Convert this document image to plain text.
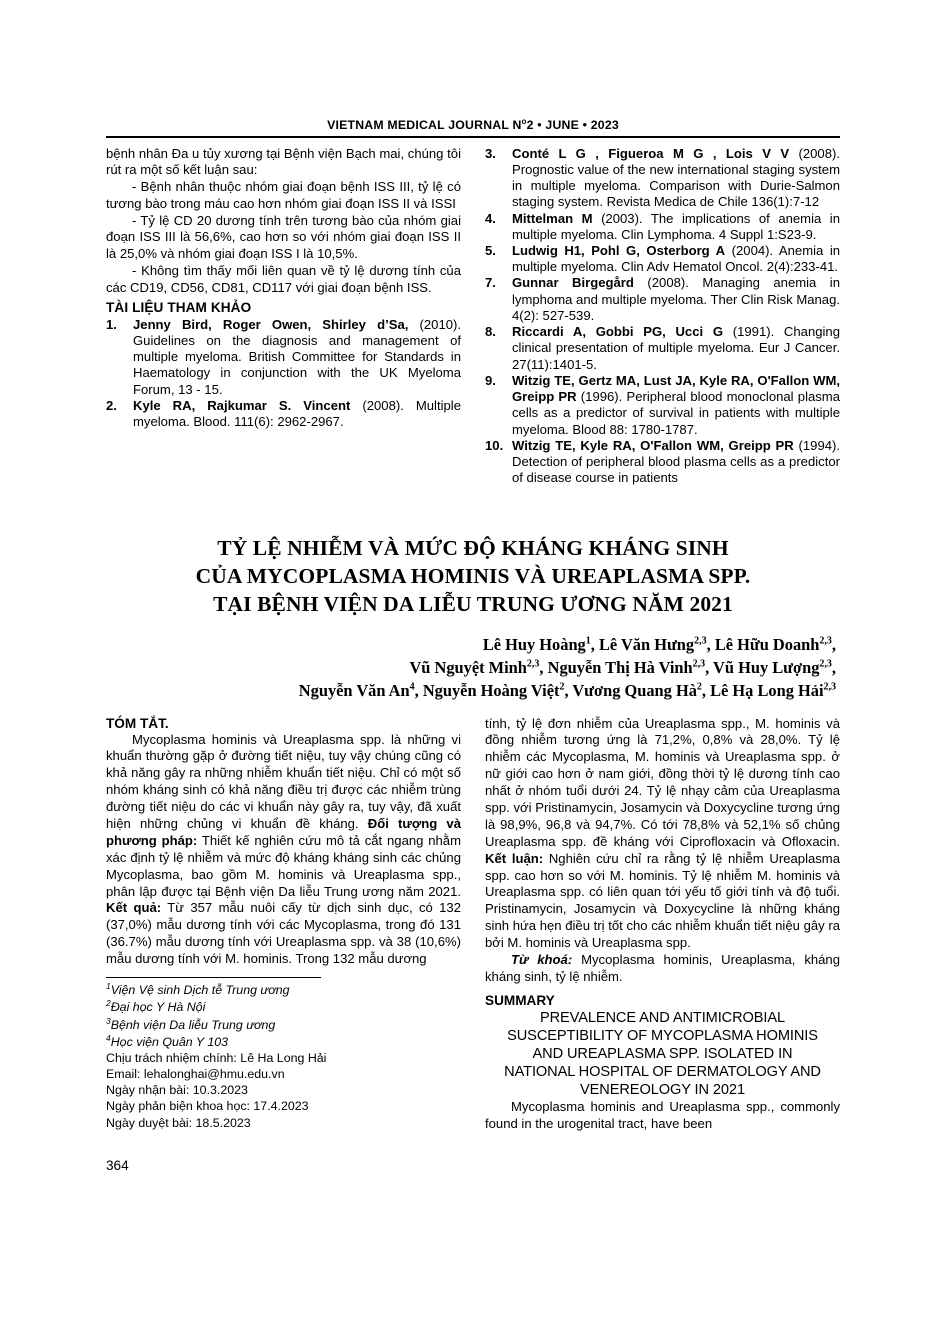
VIETNAM MEDICAL JOURNAL $N^o2$ • JUNE • 2023

bệnh nhân Đa u tủy xương tại Bệnh viện Bạch mai, chúng tôi rút ra một số kết luận sau:

- Bệnh nhân thuộc nhóm giai đoạn bệnh ISS III, tỷ lệ có tương bào trong máu cao hơn nhóm giai đoạn ISS II và ISSI

- Tỷ lệ CD 20 dương tính trên tương bào của nhóm giai đoạn ISS III là 56,6%, cao hơn so với nhóm giai đoạn ISS II là 25,0% và nhóm giai đoạn ISS I là 10,5%.

- Không tìm thấy mối liên quan về tỷ lệ dương tính của các CD19, CD56, CD81, CD117 với giai đoạn bệnh ISS.

TÀI LIỆU THAM KHẢO
1. Jenny Bird, Roger Owen, Shirley d’Sa, (2010). Guidelines on the diagnosis and management of multiple myeloma. British Committee for Standards in Haematology in conjunction with the UK Myeloma Forum, 13 - 15.
2. Kyle RA, Rajkumar S. Vincent (2008). Multiple myeloma. Blood. 111(6): 2962-2967.
3. Conté L G , Figueroa M G , Lois V V (2008). Prognostic value of the new international staging system in multiple myeloma. Comparison with Durie-Salmon staging system. Revista Medica de Chile 136(1):7-12
4. Mittelman M (2003). The implications of anemia in multiple myeloma. Clin Lymphoma. 4 Suppl 1:S23-9.
5. Ludwig H1, Pohl G, Osterborg A (2004). Anemia in multiple myeloma. Clin Adv Hematol Oncol. 2(4):233-41.
7. Gunnar Birgegård (2008). Managing anemia in lymphoma and multiple myeloma. Ther Clin Risk Manag. 4(2): 527-539.
8. Riccardi A, Gobbi PG, Ucci G (1991). Changing clinical presentation of multiple myeloma. Eur J Cancer. 27(11):1401-5.
9. Witzig TE, Gertz MA, Lust JA, Kyle RA, O'Fallon WM, Greipp PR (1996). Peripheral blood monoclonal plasma cells as a predictor of survival in patients with multiple myeloma. Blood 88: 1780-1787.
10. Witzig TE, Kyle RA, O'Fallon WM, Greipp PR (1994). Detection of peripheral blood plasma cells as a predictor of disease course in patients

TỶ LỆ NHIỄM VÀ MỨC ĐỘ KHÁNG KHÁNG SINH

CỦA MYCOPLASMA HOMINIS VÀ UREAPLASMA SPP.

TẠI BỆNH VIỆN DA LIỄU TRUNG ƯƠNG NĂM 2021

Lê Huy Hoàng$^1$, Lê Văn Hưng$^{2,3}$, Lê Hữu Doanh$^{2,3}$,

Vũ Nguyệt Minh$^{2,3}$, Nguyễn Thị Hà Vinh$^{2,3}$, Vũ Huy Lượng$^{2,3}$,

Nguyễn Văn An$^4$, Nguyễn Hoàng Việt$^2$, Vương Quang $Hà^2$, Lê Hạ Long Hải$^{2,3}$

TÓM TẮT.

Mycoplasma hominis và Ureaplasma spp. là những vi khuẩn thường gặp ở đường tiết niệu, tuy vậy chúng cũng có khả năng gây ra những nhiễm khuẩn tiết niệu. Chỉ có một số nhóm kháng sinh có khả năng điều trị được các nhiễm trùng đường tiết niệu do các vi khuẩn này gây ra, tuy vậy, đã xuất hiện những chủng vi khuẩn đề kháng. Đối tượng và phương pháp: Thiết kế nghiên cứu mô tả cắt ngang nhằm xác định tỷ lệ nhiễm và mức độ kháng kháng sinh các chủng Mycoplasma, bao gồm M. hominis và Ureaplasma spp., phân lập được tại Bệnh viện Da liễu Trung ương năm 2021. Kết quả: Từ 357 mẫu nuôi cấy từ dịch sinh dục, có 132 (37,0%) mẫu dương tính với các Mycoplasma, trong đó 131 (36.7%) mẫu dương tính với Ureaplasma spp. và 38 (10,6%) mẫu dương tính với M. hominis. Trong 132 mẫu dương

$^1$Viện Vệ sinh Dịch tễ Trung ương

$^2$Đại học Y Hà Nội

$^3$Bệnh viện Da liễu Trung ương

$^4$Học viện Quân Y 103

Chịu trách nhiệm chính: Lê Ha Long Hải

Email: lehalonghai@hmu.edu.vn

Ngày nhận bài: 10.3.2023

Ngày phản biện khoa học: 17.4.2023

Ngày duyệt bài: 18.5.2023

tính, tỷ lệ đơn nhiễm của Ureaplasma spp., M. hominis và đồng nhiễm tương ứng là 71,2%, 0,8% và 28,0%. Tỷ lệ nhiễm các Mycoplasma, M. hominis và Ureaplasma spp. ở nữ giới cao hơn ở nam giới, đồng thời tỷ lệ dương tính cao nhất ở nhóm tuổi dưới 24. Tỷ lệ nhạy cảm của Ureaplasma spp. với Pristinamycin, Josamycin và Doxycycline tương ứng là 98,9%, 96,8 và 94,7%. Có tới 78,8% và 52,1% số chủng Ureaplasma spp. đề kháng với Ciprofloxacin và Ofloxacin. Kết luận: Nghiên cứu chỉ ra rằng tỷ lệ nhiễm Ureaplasma spp. cao hơn so với M. hominis. Tỷ lệ nhiễm M. hominis và Ureaplasma spp. có liên quan tới yếu tố giới tính và độ tuổi. Pristinamycin, Josamycin và Doxycycline là những kháng sinh hứa hẹn điều trị tốt cho các nhiễm khuẩn tiết niệu gây ra bởi M. hominis và Ureaplasma spp.

Từ khoá: Mycoplasma hominis, Ureaplasma, kháng kháng sinh, tỷ lệ nhiễm.

SUMMARY

PREVALENCE AND ANTIMICROBIAL

SUSCEPTIBILITY OF MYCOPLASMA HOMINIS

AND UREAPLASMA SPP. ISOLATED IN

NATIONAL HOSPITAL OF DERMATOLOGY AND

VENEREOLOGY IN 2021

Mycoplasma hominis and Ureaplasma spp., commonly found in the urogenital tract, have been

364
